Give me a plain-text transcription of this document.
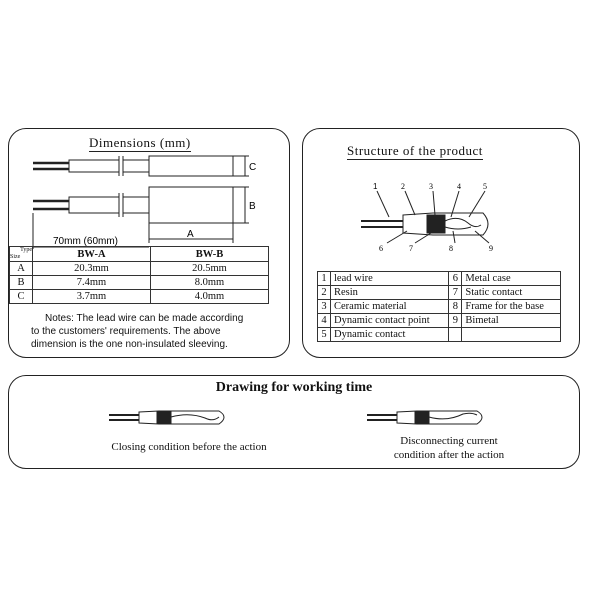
Dimensions (mm)
C
B
A
70mm (60mm)
Type
Size	BW-A	BW-B
A	20.3mm	20.5mm
B	7.4mm	8.0mm
C	3.7mm	4.0mm
Notes: The lead wire can be made according
to the customers' requirements. The above
dimension is the one non-insulated sleeving.
Structure of the product
1	2	3	4	5
6	7	8	9
1	lead wire	6	Metal case
2	Resin	7	Static contact
3	Ceramic material	8	Frame for the base
4	Dynamic contact point	9	Bimetal
5	Dynamic contact		
Drawing for working time
Closing condition before the action	Disconnecting current
condition after the action
